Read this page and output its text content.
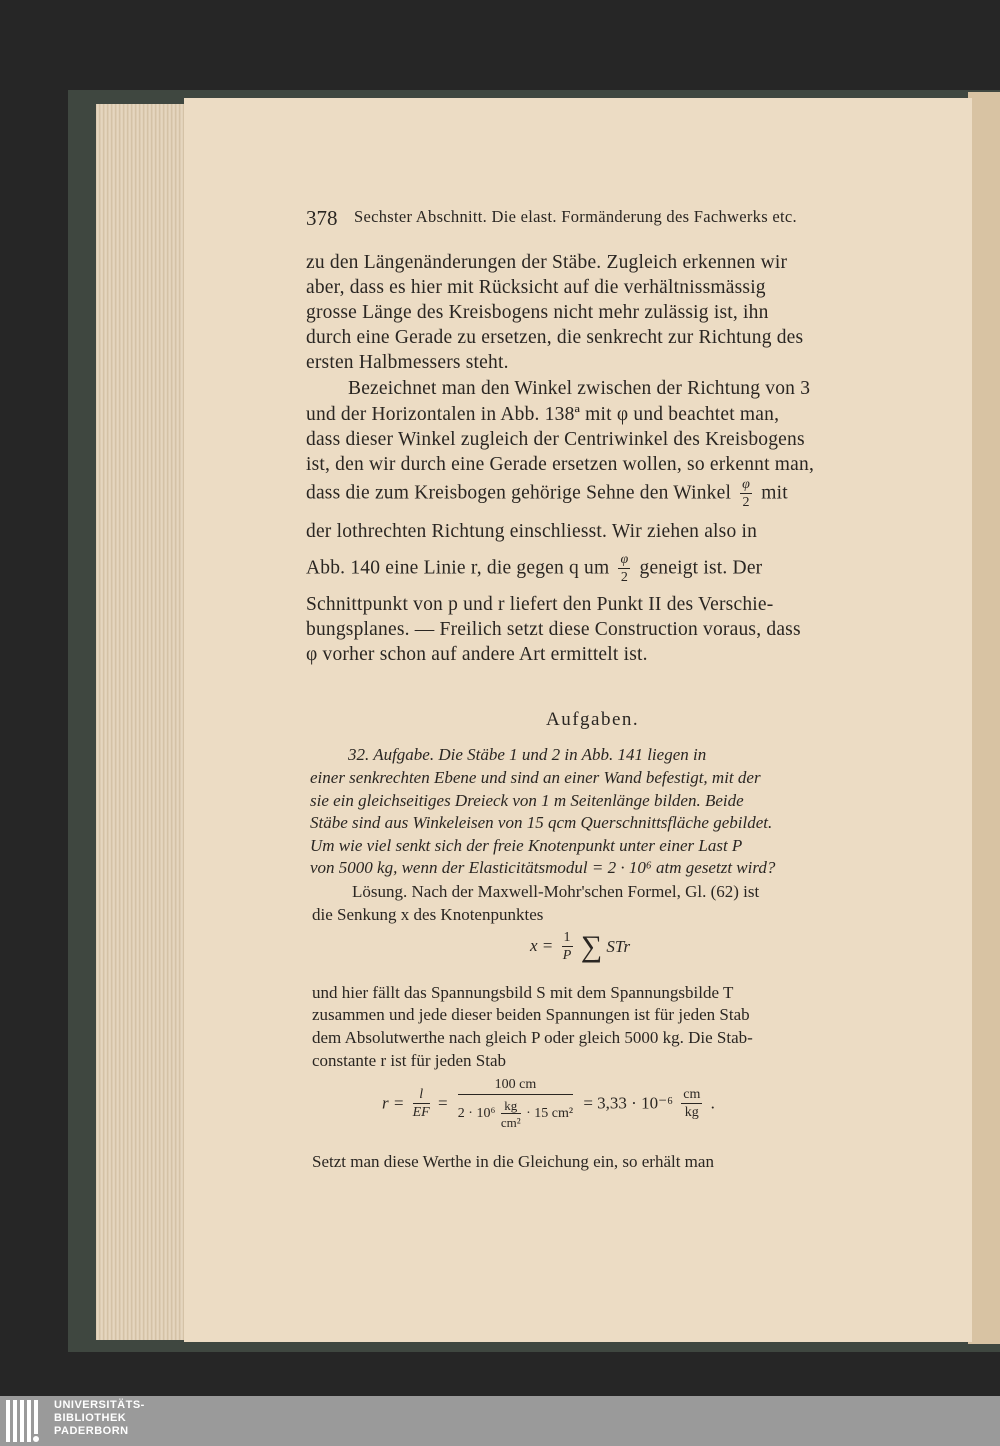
378 Sechster Abschnitt. Die elast. Formänderung des Fachwerks etc.
zu den Längenänderungen der Stäbe. Zugleich erkennen wir
aber, dass es hier mit Rücksicht auf die verhältnissmässig
grosse Länge des Kreisbogens nicht mehr zulässig ist, ihn
durch eine Gerade zu ersetzen, die senkrecht zur Richtung des
ersten Halbmessers steht.
Bezeichnet man den Winkel zwischen der Richtung von 3
und der Horizontalen in Abb. 138ª mit φ und beachtet man,
dass dieser Winkel zugleich der Centriwinkel des Kreisbogens
ist, den wir durch eine Gerade ersetzen wollen, so erkennt man,
dass die zum Kreisbogen gehörige Sehne den Winkel $\frac{\varphi}{2}$ mit
der lothrechten Richtung einschliesst. Wir ziehen also in
Abb. 140 eine Linie r, die gegen q um $\frac{\varphi}{2}$ geneigt ist. Der
Schnittpunkt von p und r liefert den Punkt II des Verschie-
bungsplanes. — Freilich setzt diese Construction voraus, dass
φ vorher schon auf andere Art ermittelt ist.
Aufgaben.
32. Aufgabe. Die Stäbe 1 und 2 in Abb. 141 liegen in
einer senkrechten Ebene und sind an einer Wand befestigt, mit der
sie ein gleichseitiges Dreieck von 1 m Seitenlänge bilden. Beide
Stäbe sind aus Winkeleisen von 15 qcm Querschnittsfläche gebildet.
Um wie viel senkt sich der freie Knotenpunkt unter einer Last P
von 5000 kg, wenn der Elasticitätsmodul = 2 · 10⁶ atm gesetzt wird?
Lösung. Nach der Maxwell-Mohr'schen Formel, Gl. (62) ist
die Senkung x des Knotenpunktes
$x = \frac{1}{P}$ ∑ STr
und hier fällt das Spannungsbild S mit dem Spannungsbilde T
zusammen und jede dieser beiden Spannungen ist für jeden Stab
dem Absolutwerthe nach gleich P oder gleich 5000 kg. Die Stab-
constante r ist für jeden Stab
$r = \frac{l}{EF} = \frac{100 cm}{2 \cdot 10^6 \frac{kg}{\text{cm²}} \cdot 15 cm^2} = 3,33 \cdot 10^{-6} \frac{cm}{kg}$ .
Setzt man diese Werthe in die Gleichung ein, so erhält man
UNIVERSITÄTS-
BIBLIOTHEK
PADERBORN
